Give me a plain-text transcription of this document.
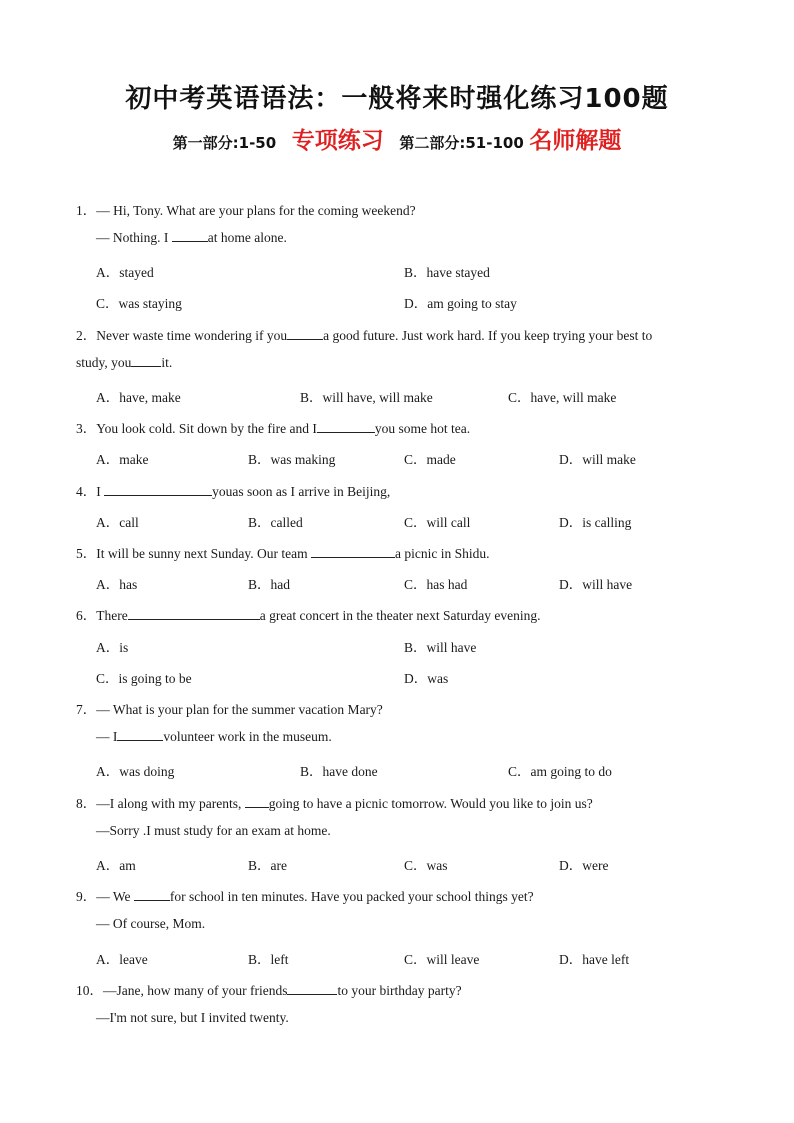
初中考英语语法：一般将来时强化练习100题
第一部分:1-50 专项练习 第二部分:51-100 名师解题
1．— Hi, Tony. What are your plans for the coming weekend?
— Nothing. I	at home alone.
A．stayed	B．have stayed
C．was staying	D．am going to stay
2．Never waste time wondering if you	a good future. Just work hard. If you keep trying your best to
study, you it.
A．have, make	B．will have, will make	C．have, will make
3．You look cold. Sit down by the fire and I	you some hot tea.
A．make	B．was making	C．made	D．will make
4．I	youas soon as I arrive in Beijing,
A．call	B．called	C．will call	D．is calling
5．It will be sunny next Sunday. Our team	a picnic in Shidu.
A．has	B．had	C．has had	D．will have
6．There	a great concert in the theater next Saturday evening.
A．is	B．will have
C．is going to be	D．was
7．— What is your plan for the summer vacation Mary?
— I	volunteer work in the museum.
A．was doing	B．have done	C．am going to do
8．—I along with my parents, going to have a picnic tomorrow. Would you like to join us?
—Sorry .I must study for an exam at home.
A．am	B．are	C．was	D．were
9．— We	for school in ten minutes. Have you packed your school things yet?
— Of course, Mom.
A．leave	B．left	C．will leave	D．have left
10．—Jane, how many of your friends	to your birthday party?
—I'm not sure, but I invited twenty.
